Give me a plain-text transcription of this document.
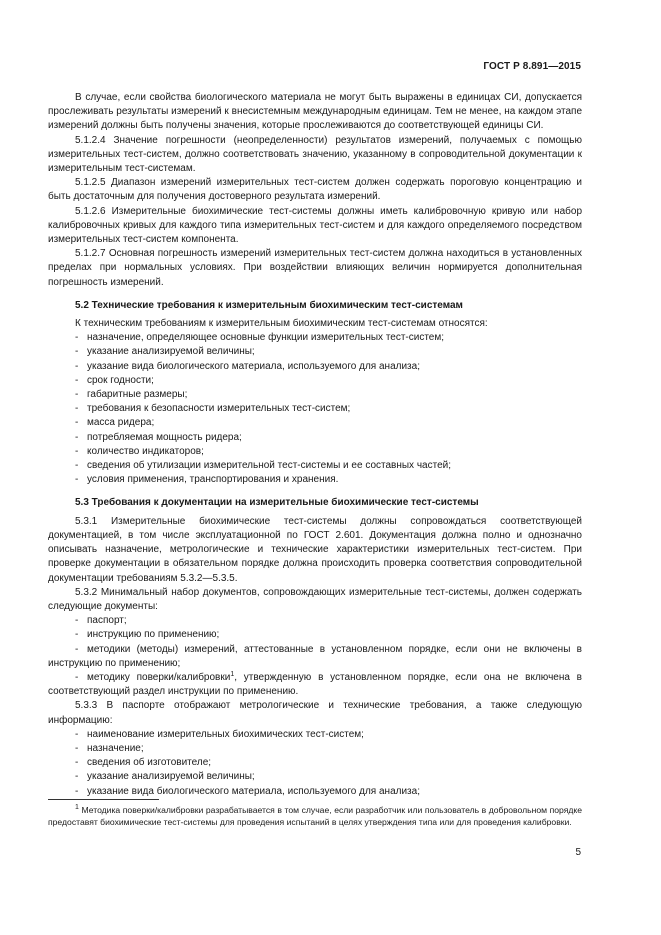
ГОСТ Р 8.891—2015

В случае, если свойства биологического материала не могут быть выражены в единицах СИ, допускается прослеживать результаты измерений к внесистемным международным единицам. Тем не менее, на каждом этапе измерений должны быть получены значения, которые прослеживаются до соответствующей единицы СИ.

5.1.2.4 Значение погрешности (неопределенности) результатов измерений, получаемых с помощью измерительных тест-систем, должно соответствовать значению, указанному в сопроводительной документации к измерительным тест-системам.

5.1.2.5 Диапазон измерений измерительных тест-систем должен содержать пороговую концентрацию и быть достаточным для получения достоверного результата измерений.

5.1.2.6 Измерительные биохимические тест-системы должны иметь калибровочную кривую или набор калибровочных кривых для каждого типа измерительных тест-систем и для каждого определяемого посредством измерительных тест-систем компонента.

5.1.2.7 Основная погрешность измерений измерительных тест-систем должна находиться в установленных пределах при нормальных условиях. При воздействии влияющих величин нормируется дополнительная погрешность измерений.

5.2 Технические требования к измерительным биохимическим тест-системам

К техническим требованиям к измерительным биохимическим тест-системам относятся:

- назначение, определяющее основные функции измерительных тест-систем;

- указание анализируемой величины;

- указание вида биологического материала, используемого для анализа;

- срок годности;

- габаритные размеры;

- требования к безопасности измерительных тест-систем;

- масса ридера;

- потребляемая мощность ридера;

- количество индикаторов;

- сведения об утилизации измерительной тест-системы и ее составных частей;

- условия применения, транспортирования и хранения.

5.3 Требования к документации на измерительные биохимические тест-системы

5.3.1 Измерительные биохимические тест-системы должны сопровождаться соответствующей документацией, в том числе эксплуатационной по ГОСТ 2.601. Документация должна полно и однозначно описывать назначение, метрологические и технические характеристики измерительных тест-систем. При проверке документации в обязательном порядке должна происходить проверка соответствия сопроводительной документации требованиям 5.3.2—5.3.5.

5.3.2 Минимальный набор документов, сопровождающих измерительные тест-системы, должен содержать следующие документы:

- паспорт;

- инструкцию по применению;

- методики (методы) измерений, аттестованные в установленном порядке, если они не включены в инструкцию по применению;

- методику поверки/калибровки$^1$, утвержденную в установленном порядке, если она не включена в соответствующий раздел инструкции по применению.

5.3.3 В паспорте отображают метрологические и технические требования, а также следующую информацию:

- наименование измерительных биохимических тест-систем;

- назначение;

- сведения об изготовителе;

- указание анализируемой величины;

- указание вида биологического материала, используемого для анализа;

$^1$ Методика поверки/калибровки разрабатывается в том случае, если разработчик или пользователь в добровольном порядке предоставят биохимические тест-системы для проведения испытаний в целях утверждения типа или для проведения калибровки.

5
